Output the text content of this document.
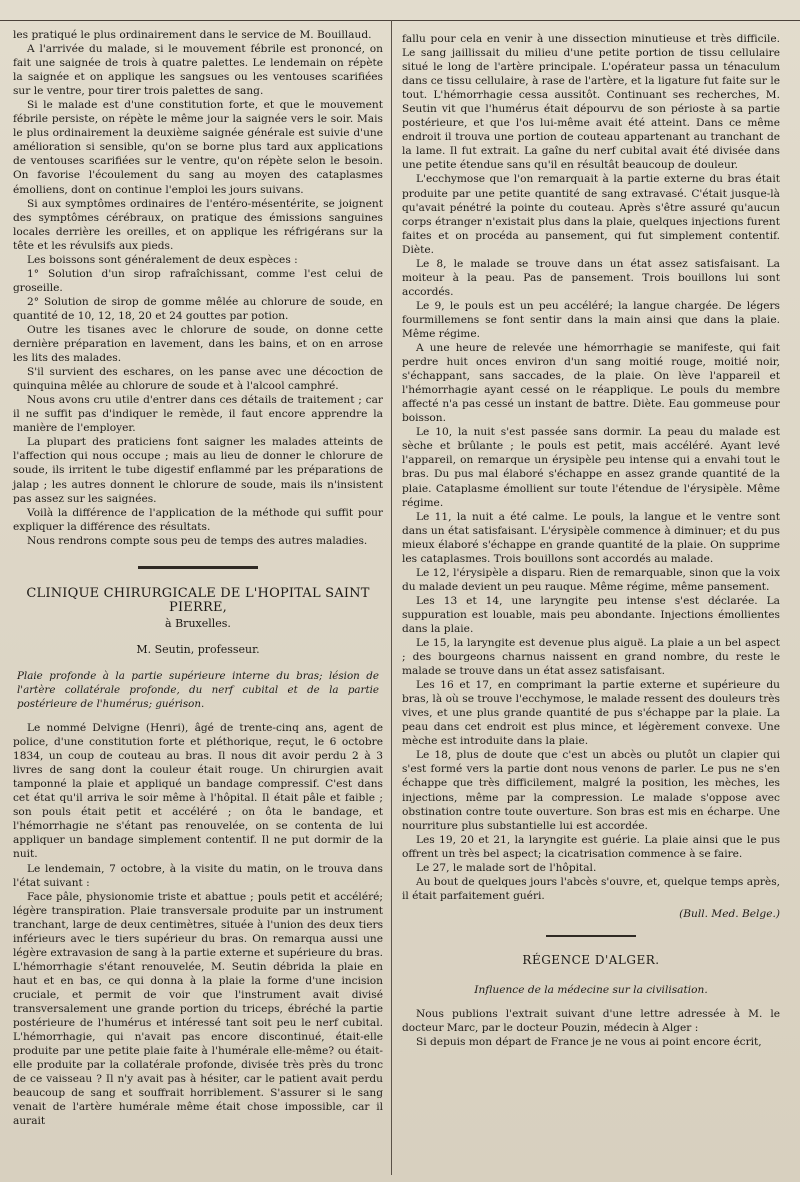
les pratiqué le plus ordinairement dans le service de M. Bouillaud.

A l'arrivée du malade, si le mouvement fébrile est prononcé, on fait une saignée de trois à quatre palettes. Le lendemain on répète la saignée et on applique les sangsues ou les ventouses scarifiées sur le ventre, pour tirer trois palettes de sang.

Si le malade est d'une constitution forte, et que le mouvement fébrile persiste, on répète le même jour la saignée vers le soir. Mais le plus ordinairement la deuxième saignée générale est suivie d'une amélioration si sensible, qu'on se borne plus tard aux applications de ventouses scarifiées sur le ventre, qu'on répète selon le besoin. On favorise l'écoulement du sang au moyen des cataplasmes émolliens, dont on continue l'emploi les jours suivans.

Si aux symptômes ordinaires de l'entéro-mésentérite, se joignent des symptômes cérébraux, on pratique des émissions sanguines locales derrière les oreilles, et on applique les réfrigérans sur la tête et les révulsifs aux pieds.

Les boissons sont généralement de deux espèces :

1° Solution d'un sirop rafraîchissant, comme l'est celui de groseille.

2° Solution de sirop de gomme mêlée au chlorure de soude, en quantité de 10, 12, 18, 20 et 24 gouttes par potion.

Outre les tisanes avec le chlorure de soude, on donne cette dernière préparation en lavement, dans les bains, et on en arrose les lits des malades.

S'il survient des eschares, on les panse avec une décoction de quinquina mêlée au chlorure de soude et à l'alcool camphré.

Nous avons cru utile d'entrer dans ces détails de traitement ; car il ne suffit pas d'indiquer le remède, il faut encore apprendre la manière de l'employer.

La plupart des praticiens font saigner les malades atteints de l'affection qui nous occupe ; mais au lieu de donner le chlorure de soude, ils irritent le tube digestif enflammé par les préparations de jalap ; les autres donnent le chlorure de soude, mais ils n'insistent pas assez sur les saignées.

Voilà la différence de l'application de la méthode qui suffit pour expliquer la différence des résultats.

Nous rendrons compte sous peu de temps des autres maladies.

CLINIQUE CHIRURGICALE DE L'HOPITAL SAINT PIERRE,

à Bruxelles.

M. Seutin, professeur.

Plaie profonde à la partie supérieure interne du bras; lésion de l'artère collatérale profonde, du nerf cubital et de la partie postérieure de l'humérus; guérison.

Le nommé Delvigne (Henri), âgé de trente-cinq ans, agent de police, d'une constitution forte et pléthorique, reçut, le 6 octobre 1834, un coup de couteau au bras. Il nous dit avoir perdu 2 à 3 livres de sang dont la couleur était rouge. Un chirurgien avait tamponné la plaie et appliqué un bandage compressif. C'est dans cet état qu'il arriva le soir même à l'hôpital. Il était pâle et faible ; son pouls était petit et accéléré ; on ôta le bandage, et l'hémorrhagie ne s'étant pas renouvelée, on se contenta de lui appliquer un bandage simplement contentif. Il ne put dormir de la nuit.

Le lendemain, 7 octobre, à la visite du matin, on le trouva dans l'état suivant :

Face pâle, physionomie triste et abattue ; pouls petit et accéléré; légère transpiration. Plaie transversale produite par un instrument tranchant, large de deux centimètres, située à l'union des deux tiers inférieurs avec le tiers supérieur du bras. On remarqua aussi une légère extravasion de sang à la partie externe et supérieure du bras. L'hémorrhagie s'étant renouvelée, M. Seutin débrida la plaie en haut et en bas, ce qui donna à la plaie la forme d'une incision cruciale, et permit de voir que l'instrument avait divisé transversalement une grande portion du triceps, ébréché la partie postérieure de l'humérus et intéressé tant soit peu le nerf cubital. L'hémorrhagie, qui n'avait pas encore discontinué, était-elle produite par une petite plaie faite à l'humérale elle-même? ou était-elle produite par la collatérale profonde, divisée très près du tronc de ce vaisseau ? Il n'y avait pas à hésiter, car le patient avait perdu beaucoup de sang et souffrait horriblement. S'assurer si le sang venait de l'artère humérale même était chose impossible, car il aurait

fallu pour cela en venir à une dissection minutieuse et très difficile. Le sang jaillissait du milieu d'une petite portion de tissu cellulaire situé le long de l'artère principale. L'opérateur passa un ténaculum dans ce tissu cellulaire, à rase de l'artère, et la ligature fut faite sur le tout. L'hémorrhagie cessa aussitôt. Continuant ses recherches, M. Seutin vit que l'humérus était dépourvu de son périoste à sa partie postérieure, et que l'os lui-même avait été atteint. Dans ce même endroit il trouva une portion de couteau appartenant au tranchant de la lame. Il fut extrait. La gaîne du nerf cubital avait été divisée dans une petite étendue sans qu'il en résultât beaucoup de douleur.

L'ecchymose que l'on remarquait à la partie externe du bras était produite par une petite quantité de sang extravasé. C'était jusque-là qu'avait pénétré la pointe du couteau. Après s'être assuré qu'aucun corps étranger n'existait plus dans la plaie, quelques injections furent faites et on procéda au pansement, qui fut simplement contentif. Diète.

Le 8, le malade se trouve dans un état assez satisfaisant. La moiteur à la peau. Pas de pansement. Trois bouillons lui sont accordés.

Le 9, le pouls est un peu accéléré; la langue chargée. De légers fourmillemens se font sentir dans la main ainsi que dans la plaie. Même régime.

A une heure de relevée une hémorrhagie se manifeste, qui fait perdre huit onces environ d'un sang moitié rouge, moitié noir, s'échappant, sans saccades, de la plaie. On lève l'appareil et l'hémorrhagie ayant cessé on le réapplique. Le pouls du membre affecté n'a pas cessé un instant de battre. Diète. Eau gommeuse pour boisson.

Le 10, la nuit s'est passée sans dormir. La peau du malade est sèche et brûlante ; le pouls est petit, mais accéléré. Ayant levé l'appareil, on remarque un érysipèle peu intense qui a envahi tout le bras. Du pus mal élaboré s'échappe en assez grande quantité de la plaie. Cataplasme émollient sur toute l'étendue de l'érysipèle. Même régime.

Le 11, la nuit a été calme. Le pouls, la langue et le ventre sont dans un état satisfaisant. L'érysipèle commence à diminuer; et du pus mieux élaboré s'échappe en grande quantité de la plaie. On supprime les cataplasmes. Trois bouillons sont accordés au malade.

Le 12, l'érysipèle a disparu. Rien de remarquable, sinon que la voix du malade devient un peu rauque. Même régime, même pansement.

Les 13 et 14, une laryngite peu intense s'est déclarée. La suppuration est louable, mais peu abondante. Injections émollientes dans la plaie.

Le 15, la laryngite est devenue plus aiguë. La plaie a un bel aspect ; des bourgeons charnus naissent en grand nombre, du reste le malade se trouve dans un état assez satisfaisant.

Les 16 et 17, en comprimant la partie externe et supérieure du bras, là où se trouve l'ecchymose, le malade ressent des douleurs très vives, et une plus grande quantité de pus s'échappe par la plaie. La peau dans cet endroit est plus mince, et légèrement convexe. Une mèche est introduite dans la plaie.

Le 18, plus de doute que c'est un abcès ou plutôt un clapier qui s'est formé vers la partie dont nous venons de parler. Le pus ne s'en échappe que très difficilement, malgré la position, les mèches, les injections, même par la compression. Le malade s'oppose avec obstination contre toute ouverture. Son bras est mis en écharpe. Une nourriture plus substantielle lui est accordée.

Les 19, 20 et 21, la laryngite est guérie. La plaie ainsi que le pus offrent un très bel aspect; la cicatrisation commence à se faire.

Le 27, le malade sort de l'hôpital.

Au bout de quelques jours l'abcès s'ouvre, et, quelque temps après, il était parfaitement guéri.

(Bull. Med. Belge.)

RÉGENCE D'ALGER.

Influence de la médecine sur la civilisation.

Nous publions l'extrait suivant d'une lettre adressée à M. le docteur Marc, par le docteur Pouzin, médecin à Alger :

Si depuis mon départ de France je ne vous ai point encore écrit,
